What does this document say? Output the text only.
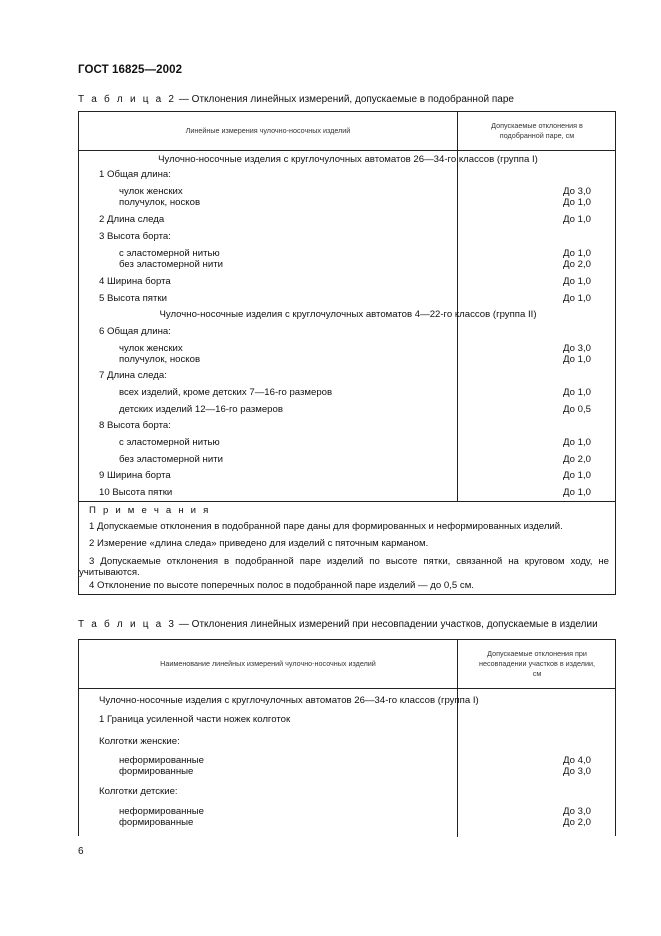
ГОСТ 16825—2002
Т а б л и ц а 2 — Отклонения линейных измерений, допускаемые в подобранной паре
Линейные измерения чулочно-носочных изделий
Допускаемые отклонения в
подобранной паре, см
Чулочно-носочные изделия с круглочулочных автоматов 26—34-го классов (группа I)
1 Общая длина:
чулок женских	До 3,0
получулок, носков	До 1,0
2 Длина следа	До 1,0
3 Высота борта:
с эластомерной нитью	До 1,0
без эластомерной нити	До 2,0
4 Ширина борта	До 1,0
5 Высота пятки	До 1,0
Чулочно-носочные изделия с круглочулочных автоматов 4—22-го классов (группа II)
6 Общая длина:
чулок женских	До 3,0
получулок, носков	До 1,0
7 Длина следа:
всех изделий, кроме детских 7—16-го размеров	До 1,0
детских изделий 12—16-го размеров	До 0,5
8 Высота борта:
с эластомерной нитью	До 1,0
без эластомерной нити	До 2,0
9 Ширина борта	До 1,0
10 Высота пятки	До 1,0
П р и м е ч а н и я
1 Допускаемые отклонения в подобранной паре даны для формированных и неформированных изделий.
2 Измерение «длина следа» приведено для изделий с пяточным карманом.
3 Допускаемые отклонения в подобранной паре изделий по высоте пятки, связанной на круговом ходу, не учитываются.
4 Отклонение по высоте поперечных полос в подобранной паре изделий — до 0,5 см.
Т а б л и ц а 3 — Отклонения линейных измерений при несовпадении участков, допускаемые в изделии
Наименование линейных измерений чулочно-носочных изделий
Допускаемые отклонения при
несовпадении участков в изделии,
см
Чулочно-носочные изделия с круглочулочных автоматов 26—34-го классов (группа I)
1 Граница усиленной части ножек колготок
Колготки женские:
неформированные	До 4,0
формированные	До 3,0
Колготки детские:
неформированные	До 3,0
формированные	До 2,0
6
